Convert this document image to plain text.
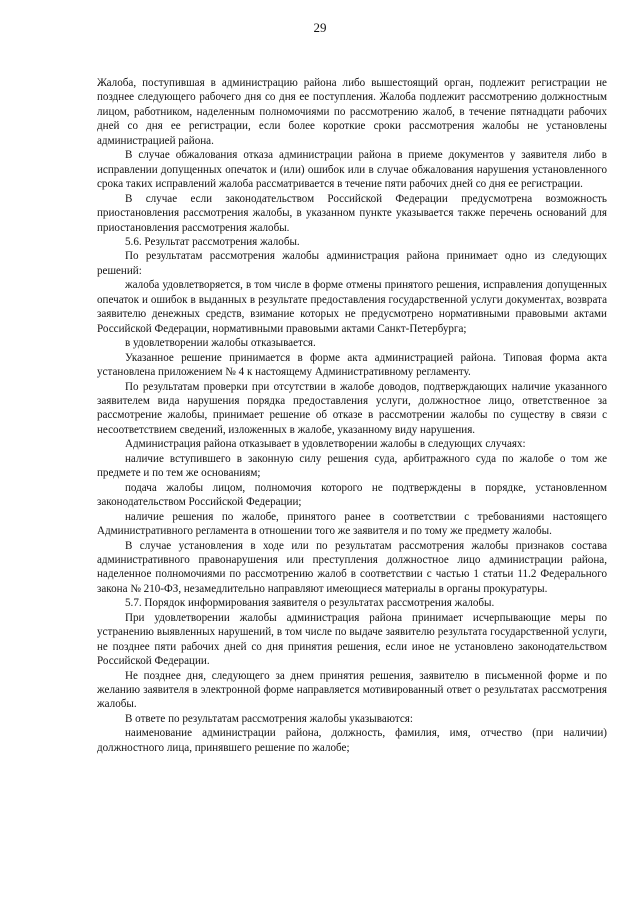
29

Жалоба, поступившая в администрацию района либо вышестоящий орган, подлежит регистрации не позднее следующего рабочего дня со дня ее поступления. Жалоба подлежит рассмотрению должностным лицом, работником, наделенным полномочиями по рассмотрению жалоб, в течение пятнадцати рабочих дней со дня ее регистрации, если более короткие сроки рассмотрения жалобы не установлены администрацией района.

В случае обжалования отказа администрации района в приеме документов у заявителя либо в исправлении допущенных опечаток и (или) ошибок или в случае обжалования нарушения установленного срока таких исправлений жалоба рассматривается в течение пяти рабочих дней со дня ее регистрации.

В случае если законодательством Российской Федерации предусмотрена возможность приостановления рассмотрения жалобы, в указанном пункте указывается также перечень оснований для приостановления рассмотрения жалобы.

5.6. Результат рассмотрения жалобы.

По результатам рассмотрения жалобы администрация района принимает одно из следующих решений:

жалоба удовлетворяется, в том числе в форме отмены принятого решения, исправления допущенных опечаток и ошибок в выданных в результате предоставления государственной услуги документах, возврата заявителю денежных средств, взимание которых не предусмотрено нормативными правовыми актами Российской Федерации, нормативными правовыми актами Санкт-Петербурга;

в удовлетворении жалобы отказывается.

Указанное решение принимается в форме акта администрацией района. Типовая форма акта установлена приложением № 4 к настоящему Административному регламенту.

По результатам проверки при отсутствии в жалобе доводов, подтверждающих наличие указанного заявителем вида нарушения порядка предоставления услуги, должностное лицо, ответственное за рассмотрение жалобы, принимает решение об отказе в рассмотрении жалобы по существу в связи с несоответствием сведений, изложенных в жалобе, указанному виду нарушения.

Администрация района отказывает в удовлетворении жалобы в следующих случаях:

наличие вступившего в законную силу решения суда, арбитражного суда по жалобе о том же предмете и по тем же основаниям;

подача жалобы лицом, полномочия которого не подтверждены в порядке, установленном законодательством Российской Федерации;

наличие решения по жалобе, принятого ранее в соответствии с требованиями настоящего Административного регламента в отношении того же заявителя и по тому же предмету жалобы.

В случае установления в ходе или по результатам рассмотрения жалобы признаков состава административного правонарушения или преступления должностное лицо администрации района, наделенное полномочиями по рассмотрению жалоб в соответствии с частью 1 статьи 11.2 Федерального закона № 210-ФЗ, незамедлительно направляют имеющиеся материалы в органы прокуратуры.

5.7. Порядок информирования заявителя о результатах рассмотрения жалобы.

При удовлетворении жалобы администрация района принимает исчерпывающие меры по устранению выявленных нарушений, в том числе по выдаче заявителю результата государственной услуги, не позднее пяти рабочих дней со дня принятия решения, если иное не установлено законодательством Российской Федерации.

Не позднее дня, следующего за днем принятия решения, заявителю в письменной форме и по желанию заявителя в электронной форме направляется мотивированный ответ о результатах рассмотрения жалобы.

В ответе по результатам рассмотрения жалобы указываются:

наименование администрации района, должность, фамилия, имя, отчество (при наличии) должностного лица, принявшего решение по жалобе;
